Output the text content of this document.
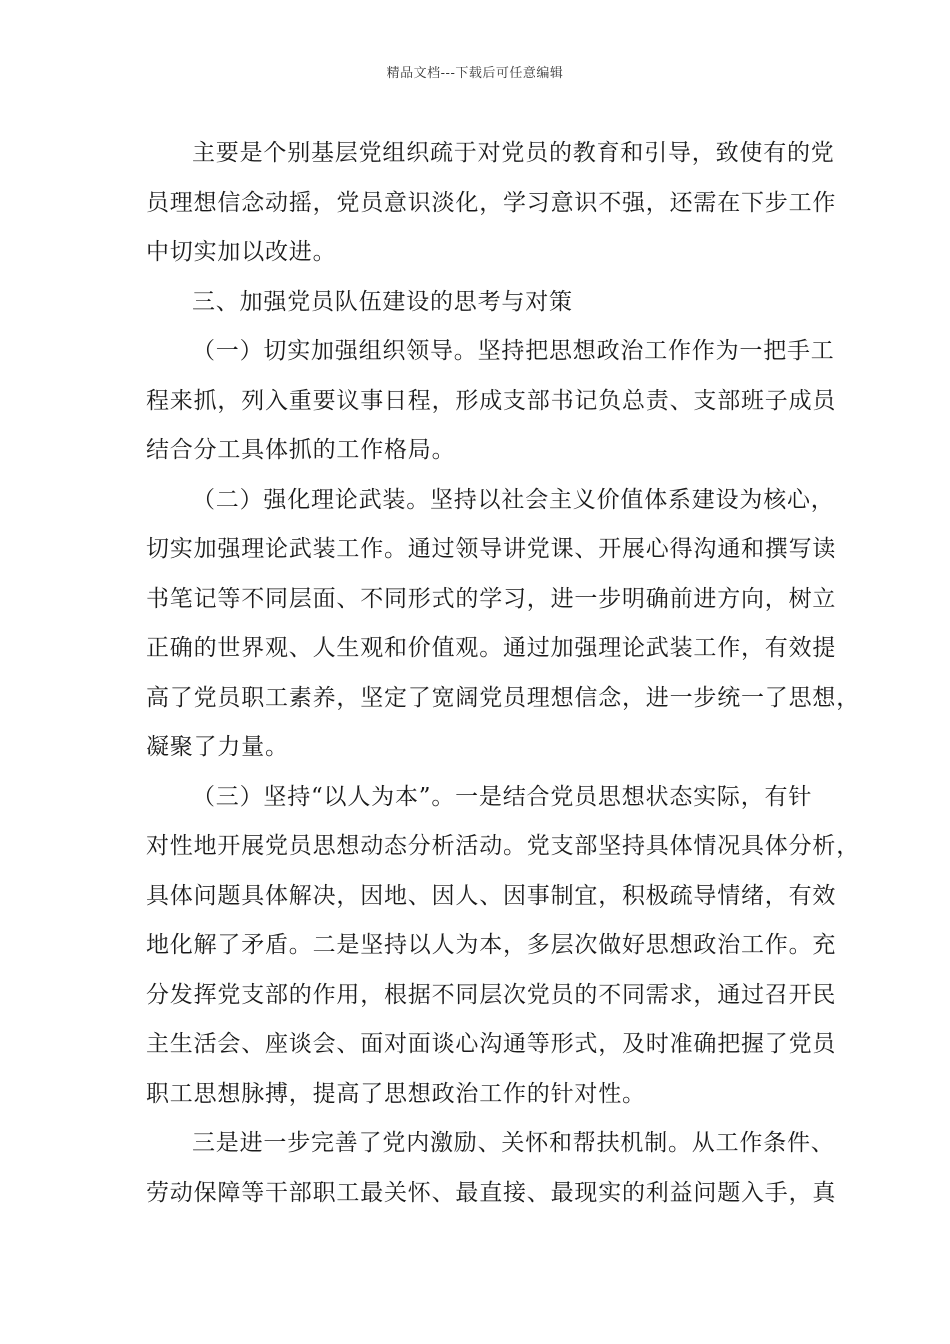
精品文档---下载后可任意编辑
主要是个别基层党组织疏于对党员的教育和引导，致使有的党
员理想信念动摇，党员意识淡化，学习意识不强，还需在下步工作
中切实加以改进。
三、加强党员队伍建设的思考与对策
（一）切实加强组织领导。坚持把思想政治工作作为一把手工
程来抓，列入重要议事日程，形成支部书记负总责、支部班子成员
结合分工具体抓的工作格局。
（二）强化理论武装。坚持以社会主义价值体系建设为核心，
切实加强理论武装工作。通过领导讲党课、开展心得沟通和撰写读
书笔记等不同层面、不同形式的学习，进一步明确前进方向，树立
正确的世界观、人生观和价值观。通过加强理论武装工作，有效提
高了党员职工素养，坚定了宽阔党员理想信念，进一步统一了思想，
凝聚了力量。
（三）坚持“以人为本”。一是结合党员思想状态实际，有针
对性地开展党员思想动态分析活动。党支部坚持具体情况具体分析，
具体问题具体解决，因地、因人、因事制宜，积极疏导情绪，有效
地化解了矛盾。二是坚持以人为本，多层次做好思想政治工作。充
分发挥党支部的作用，根据不同层次党员的不同需求，通过召开民
主生活会、座谈会、面对面谈心沟通等形式，及时准确把握了党员
职工思想脉搏，提高了思想政治工作的针对性。
三是进一步完善了党内激励、关怀和帮扶机制。从工作条件、
劳动保障等干部职工最关怀、最直接、最现实的利益问题入手，真
